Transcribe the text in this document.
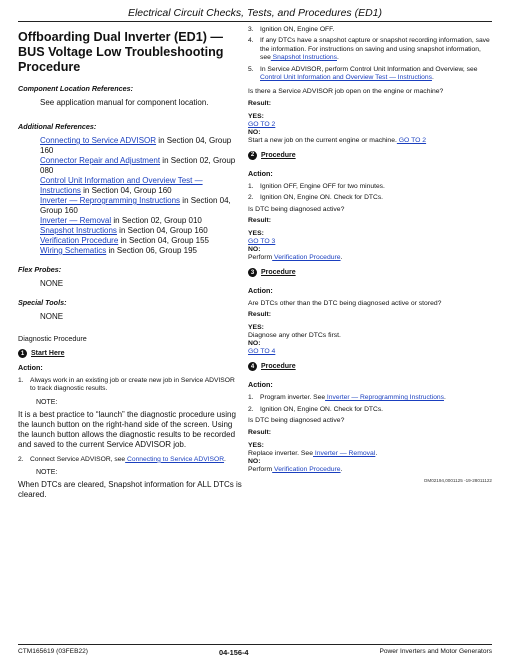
Electrical Circuit Checks, Tests, and Procedures (ED1)
Offboarding Dual Inverter (ED1) — BUS Voltage Low Troubleshooting Procedure
Component Location References:

See application manual for component location.

Additional References:

Connecting to Service ADVISOR in Section 04, Group 160

Connector Repair and Adjustment in Section 02, Group 080

Control Unit Information and Overview Test — Instructions in Section 04, Group 160

Inverter — Reprogramming Instructions in Section 04, Group 160

Inverter — Removal in Section 02, Group 010

Snapshot Instructions in Section 04, Group 160

Verification Procedure in Section 04, Group 155

Wiring Schematics in Section 06, Group 195

Flex Probes:

NONE

Special Tools:

NONE

Diagnostic Procedure
1 Start Here
Action:
1. Always work in an existing job or create new job in Service ADVISOR to track diagnostic results.
NOTE:

It is a best practice to “launch” the diagnostic procedure using the launch button on the right-hand side of the screen. Using the launch button allows the diagnostic results to be recorded and saved to the current Service ADVISOR job.

2. Connect Service ADVISOR, see Connecting to Service ADVISOR.
NOTE:

When DTCs are cleared, Snapshot information for ALL DTCs is cleared.

3. Ignition ON, Engine OFF.
4. If any DTCs have a snapshot capture or snapshot recording information, save the information. For instructions on saving and using snapshot information, see Snapshot Instructions.
5. In Service ADVISOR, perform Control Unit Information and Overview, see Control Unit Information and Overview Test — Instructions.

Is there a Service ADVISOR job open on the engine or machine?

Result:

YES:

GO TO 2

NO:

Start a new job on the current engine or machine. GO TO 2

2 Procedure
Action:
1. Ignition OFF, Engine OFF for two minutes.
2. Ignition ON, Engine ON. Check for DTCs.

Is DTC being diagnosed active?

Result:

YES:

GO TO 3

NO:

Perform Verification Procedure.

3 Procedure
Action:

Are DTCs other than the DTC being diagnosed active or stored?

Result:

YES:

Diagnose any other DTCs first.

NO:

GO TO 4

4 Procedure
Action:
1. Program inverter. See Inverter — Reprogramming Instructions.
2. Ignition ON, Engine ON. Check for DTCs.

Is DTC being diagnosed active?

Result:

YES:

Replace inverter. See Inverter — Removal.

NO:

Perform Verification Procedure.

OM02194,0001125 -19-28011122
CTM165619 (03FEB22)	04-156-4	Power Inverters and Motor Generators
